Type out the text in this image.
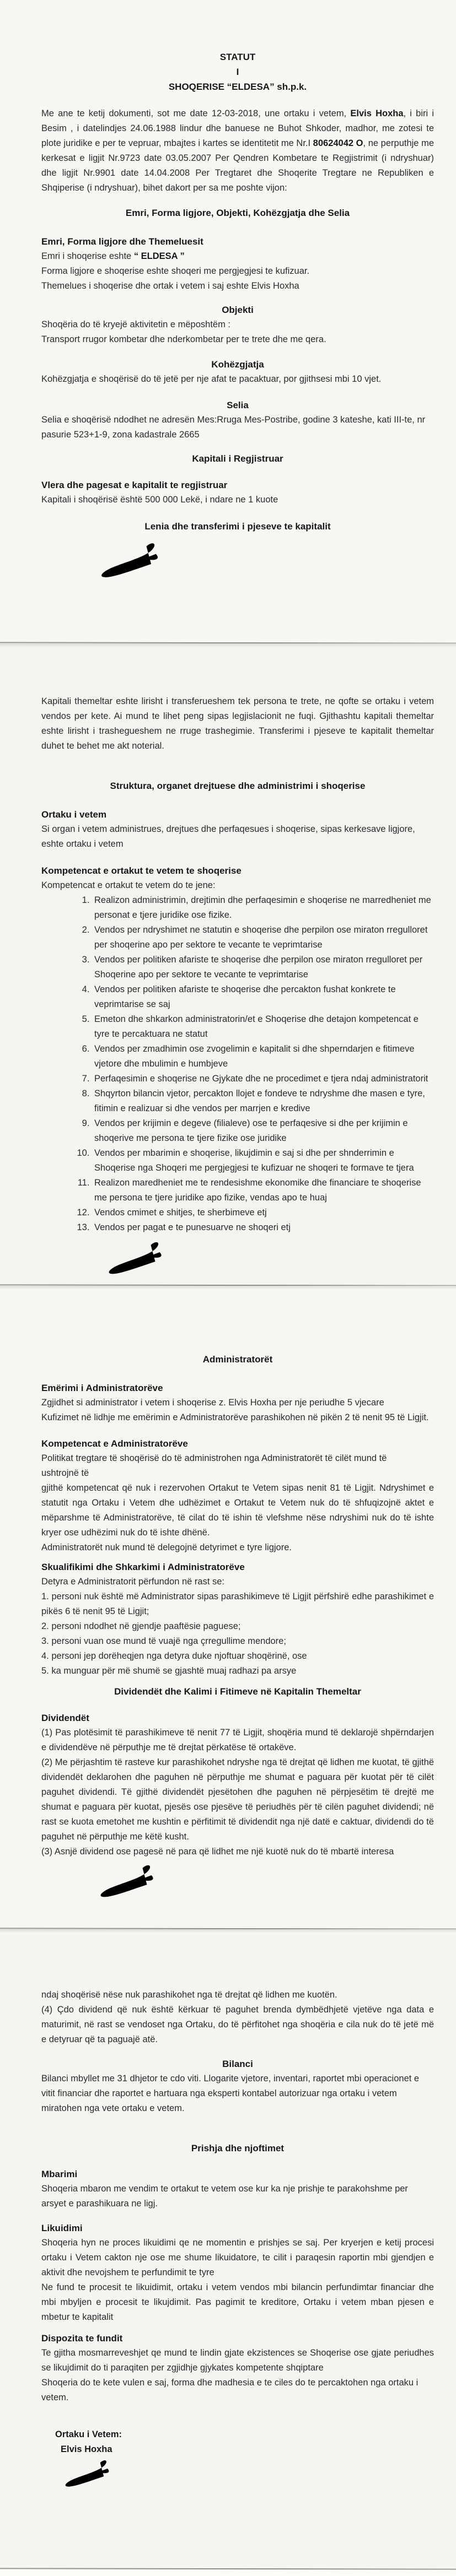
STATUT

I

SHOQERISE “ELDESA” sh.p.k.

Me ane te ketij dokumenti, sot me date 12-03-2018, une ortaku i vetem, Elvis Hoxha, i biri i Besim , i datelindjes 24.06.1988 lindur dhe banuese ne Buhot Shkoder, madhor, me zotesi te plote juridike e per te vepruar, mbajtes i kartes se identitetit me Nr.I 80624042 O, ne perputhje me kerkesat e ligjit Nr.9723 date 03.05.2007 Per Qendren Kombetare te Regjistrimit (i ndryshuar) dhe ligjit Nr.9901 date 14.04.2008 Per Tregtaret dhe Shoqerite Tregtare ne Republiken e Shqiperise (i ndryshuar), bihet dakort per sa me poshte vijon:

Emri, Forma ligjore, Objekti, Kohëzgjatja dhe Selia

Emri, Forma ligjore dhe Themeluesit

Emri i shoqerise eshte “ ELDESA ”

Forma ligjore e shoqerise eshte shoqeri me pergjegjesi te kufizuar.

Themelues i shoqerise dhe ortak i vetem i saj eshte Elvis Hoxha

Objekti

Shoqëria do të kryejë aktivitetin e mëposhtëm :

Transport rrugor kombetar dhe nderkombetar per te trete dhe me qera.

Kohëzgjatja

Kohëzgjatja e shoqërisë do të jetë per nje afat te pacaktuar, por gjithsesi mbi 10 vjet.

Selia

Selia e shoqërisë ndodhet ne adresën Mes:Rruga Mes-Postribe, godine 3 kateshe, kati III-te, nr pasurie 523+1-9, zona kadastrale 2665

Kapitali i Regjistruar

Vlera dhe pagesat e kapitalit te regjistruar

Kapitali i shoqërisë është 500 000 Lekë, i ndare ne 1 kuote

Lenia dhe transferimi i pjeseve te kapitalit

Kapitali themeltar eshte lirisht i transferueshem tek persona te trete, ne qofte se ortaku i vetem vendos per kete. Ai mund te lihet peng sipas legjislacionit ne fuqi. Gjithashtu kapitali themeltar eshte lirisht i trashegueshem ne rruge trashegimie. Transferimi i pjeseve te kapitalit themeltar duhet te behet me akt noterial.

Struktura, organet drejtuese dhe administrimi i shoqerise

Ortaku i vetem

Si organ i vetem administrues, drejtues dhe perfaqesues i shoqerise, sipas kerkesave ligjore, eshte ortaku i vetem

Kompetencat e ortakut te vetem te shoqerise

Kompetencat e ortakut te vetem do te jene:

1. Realizon administrimin, drejtimin dhe perfaqesimin e shoqerise ne marredheniet me personat e tjere juridike ose fizike.
2. Vendos per ndryshimet ne statutin e shoqerise dhe perpilon ose miraton rregulloret per shoqerine apo per sektore te vecante te veprimtarise
3. Vendos per politiken afariste te shoqerise dhe perpilon ose miraton rregulloret per Shoqerine apo per sektore te vecante te veprimtarise
4. Vendos per politiken afariste te shoqerise dhe percakton fushat konkrete te veprimtarise se saj
5. Emeton dhe shkarkon administratorin/et e Shoqerise dhe detajon kompetencat e tyre te percaktuara ne statut
6. Vendos per zmadhimin ose zvogelimin e kapitalit si dhe shperndarjen e fitimeve vjetore dhe mbulimin e humbjeve
7. Perfaqesimin e shoqerise ne Gjykate dhe ne procedimet e tjera ndaj administratorit
8. Shqyrton bilancin vjetor, percakton llojet e fondeve te ndryshme dhe masen e tyre, fitimin e realizuar si dhe vendos per marrjen e kredive
9. Vendos per krijimin e degeve (filialeve) ose te perfaqesive si dhe per krijimin e shoqerive me persona te tjere fizike ose juridike
10. Vendos per mbarimin e shoqerise, likujdimin e saj si dhe per shnderrimin e Shoqerise nga Shoqeri me pergjegjesi te kufizuar ne shoqeri te formave te tjera
11. Realizon maredheniet me te rendesishme ekonomike dhe financiare te shoqerise me persona te tjere juridike apo fizike, vendas apo te huaj
12. Vendos cmimet e shitjes, te sherbimeve etj
13. Vendos per pagat e te punesuarve ne shoqeri etj

Administratorët

Emërimi i Administratorëve

Zgjidhet si administrator i vetem i shoqerise z. Elvis Hoxha per nje periudhe 5 vjecare

Kufizimet në lidhje me emërimin e Administratorëve parashikohen në pikën 2 të nenit 95 të Ligjit.

Kompetencat e Administratorëve

Politikat tregtare të shoqërisë do të administrohen nga Administratorët të cilët mund të
ushtrojnë të
gjithë kompetencat që nuk i rezervohen Ortakut te Vetem sipas nenit 81 të Ligjit. Ndryshimet e statutit nga Ortaku i Vetem dhe udhëzimet e Ortakut te Vetem nuk do të shfuqizojnë aktet e mëparshme të Administratorëve, të cilat do të ishin të vlefshme nëse ndryshimi nuk do të ishte kryer ose udhëzimi nuk do të ishte dhënë.

Administratorët nuk mund të delegojnë detyrimet e tyre ligjore.

Skualifikimi dhe Shkarkimi i Administratorëve

Detyra e Administratorit përfundon në rast se:

1. personi nuk është më Administrator sipas parashikimeve të Ligjit përfshirë edhe parashikimet e pikës 6 të nenit 95 të Ligjit;

2. personi ndodhet në gjendje paaftësie paguese;

3. personi vuan ose mund të vuajë nga çrregullime mendore;

4. personi jep dorëheqjen nga detyra duke njoftuar shoqërinë, ose

5. ka munguar për më shumë se gjashtë muaj radhazi pa arsye

Dividendët dhe Kalimi i Fitimeve në Kapitalin Themeltar

Dividendët

(1) Pas plotësimit të parashikimeve të nenit 77 të Ligjit, shoqëria mund të deklarojë shpërndarjen e dividendëve në përputhje me të drejtat përkatëse të ortakëve.

(2) Me përjashtim të rasteve kur parashikohet ndryshe nga të drejtat që lidhen me kuotat, të gjithë dividendët deklarohen dhe paguhen në përputhje me shumat e paguara për kuotat për të cilët paguhet dividendi. Të gjithë dividendët pjesëtohen dhe paguhen në përpjesëtim të drejtë me shumat e paguara për kuotat, pjesës ose pjesëve të periudhës për të cilën paguhet dividendi; në rast se kuota emetohet me kushtin e përfitimit të dividendit nga një datë e caktuar, dividendi do të paguhet në përputhje me këtë kusht.

(3) Asnjë dividend ose pagesë në para që lidhet me një kuotë nuk do të mbartë interesa

ndaj shoqërisë nëse nuk parashikohet nga të drejtat që lidhen me kuotën.

(4) Çdo dividend që nuk është kërkuar të paguhet brenda dymbëdhjetë vjetëve nga data e maturimit, në rast se vendoset nga Ortaku, do të përfitohet nga shoqëria e cila nuk do të jetë më e detyruar që ta paguajë atë.

Bilanci

Bilanci mbyllet me 31 dhjetor te cdo viti. Llogarite vjetore, inventari, raportet mbi operacionet e vitit financiar dhe raportet e hartuara nga eksperti kontabel autorizuar nga ortaku i vetem miratohen nga vete ortaku e vetem.

Prishja dhe njoftimet

Mbarimi

Shoqeria mbaron me vendim te ortakut te vetem ose kur ka nje prishje te parakohshme per arsyet e parashikuara ne ligj.

Likuidimi

Shoqeria hyn ne proces likuidimi qe ne momentin e prishjes se saj. Per kryerjen e ketij procesi ortaku i Vetem cakton nje ose me shume likuidatore, te cilit i paraqesin raportin mbi gjendjen e aktivit dhe nevojshem te perfundimit te tyre

Ne fund te procesit te likuidimit, ortaku i vetem vendos mbi bilancin perfundimtar financiar dhe mbi mbyljen e procesit te likujdimit. Pas pagimit te kreditore, Ortaku i vetem mban pjesen e mbetur te kapitalit

Dispozita te fundit

Te gjitha mosmarreveshjet qe mund te lindin gjate ekzistences se Shoqerise ose gjate periudhes se likujdimit do ti paraqiten per zgjidhje gjykates kompetente shqiptare

Shoqeria do te kete vulen e saj, forma dhe madhesia e te ciles do te percaktohen nga ortaku i vetem.

Ortaku i Vetem:

Elvis Hoxha
